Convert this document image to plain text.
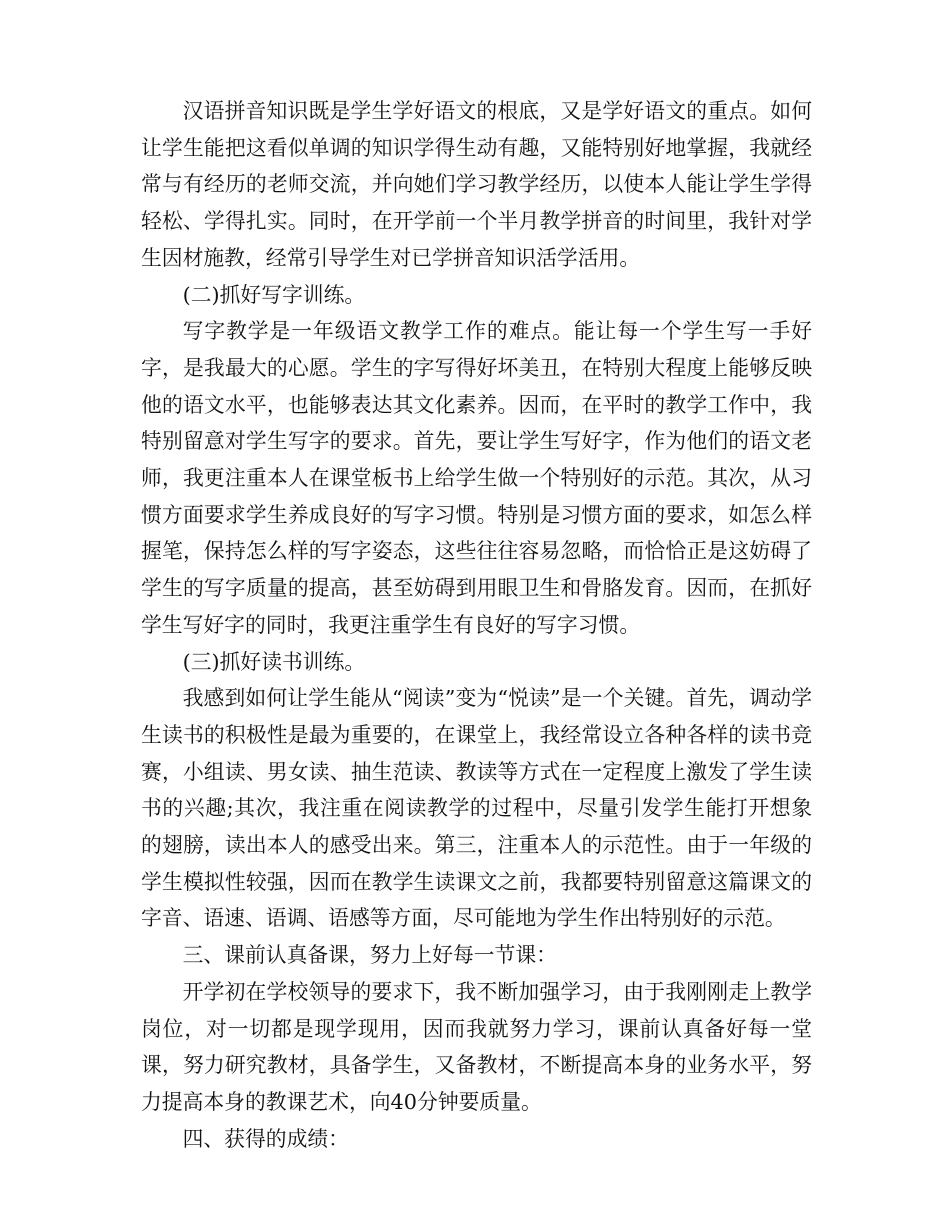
汉语拼音知识既是学生学好语文的根底，又是学好语文的重点。如何让学生能把这看似单调的知识学得生动有趣，又能特别好地掌握，我就经常与有经历的老师交流，并向她们学习教学经历，以使本人能让学生学得轻松、学得扎实。同时，在开学前一个半月教学拼音的时间里，我针对学生因材施教，经常引导学生对已学拼音知识活学活用。

(二)抓好写字训练。

写字教学是一年级语文教学工作的难点。能让每一个学生写一手好字，是我最大的心愿。学生的字写得好坏美丑，在特别大程度上能够反映他的语文水平，也能够表达其文化素养。因而，在平时的教学工作中，我特别留意对学生写字的要求。首先，要让学生写好字，作为他们的语文老师，我更注重本人在课堂板书上给学生做一个特别好的示范。其次，从习惯方面要求学生养成良好的写字习惯。特别是习惯方面的要求，如怎么样握笔，保持怎么样的写字姿态，这些往往容易忽略，而恰恰正是这妨碍了学生的写字质量的提高，甚至妨碍到用眼卫生和骨胳发育。因而，在抓好学生写好字的同时，我更注重学生有良好的写字习惯。

(三)抓好读书训练。

我感到如何让学生能从“阅读”变为“悦读”是一个关键。首先，调动学生读书的积极性是最为重要的，在课堂上，我经常设立各种各样的读书竞赛，小组读、男女读、抽生范读、教读等方式在一定程度上激发了学生读书的兴趣;其次，我注重在阅读教学的过程中，尽量引发学生能打开想象的翅膀，读出本人的感受出来。第三，注重本人的示范性。由于一年级的学生模拟性较强，因而在教学生读课文之前，我都要特别留意这篇课文的字音、语速、语调、语感等方面，尽可能地为学生作出特别好的示范。

三、课前认真备课，努力上好每一节课：

开学初在学校领导的要求下，我不断加强学习，由于我刚刚走上教学岗位，对一切都是现学现用，因而我就努力学习，课前认真备好每一堂课，努力研究教材，具备学生，又备教材，不断提高本身的业务水平，努力提高本身的教课艺术，向40分钟要质量。

四、获得的成绩：
